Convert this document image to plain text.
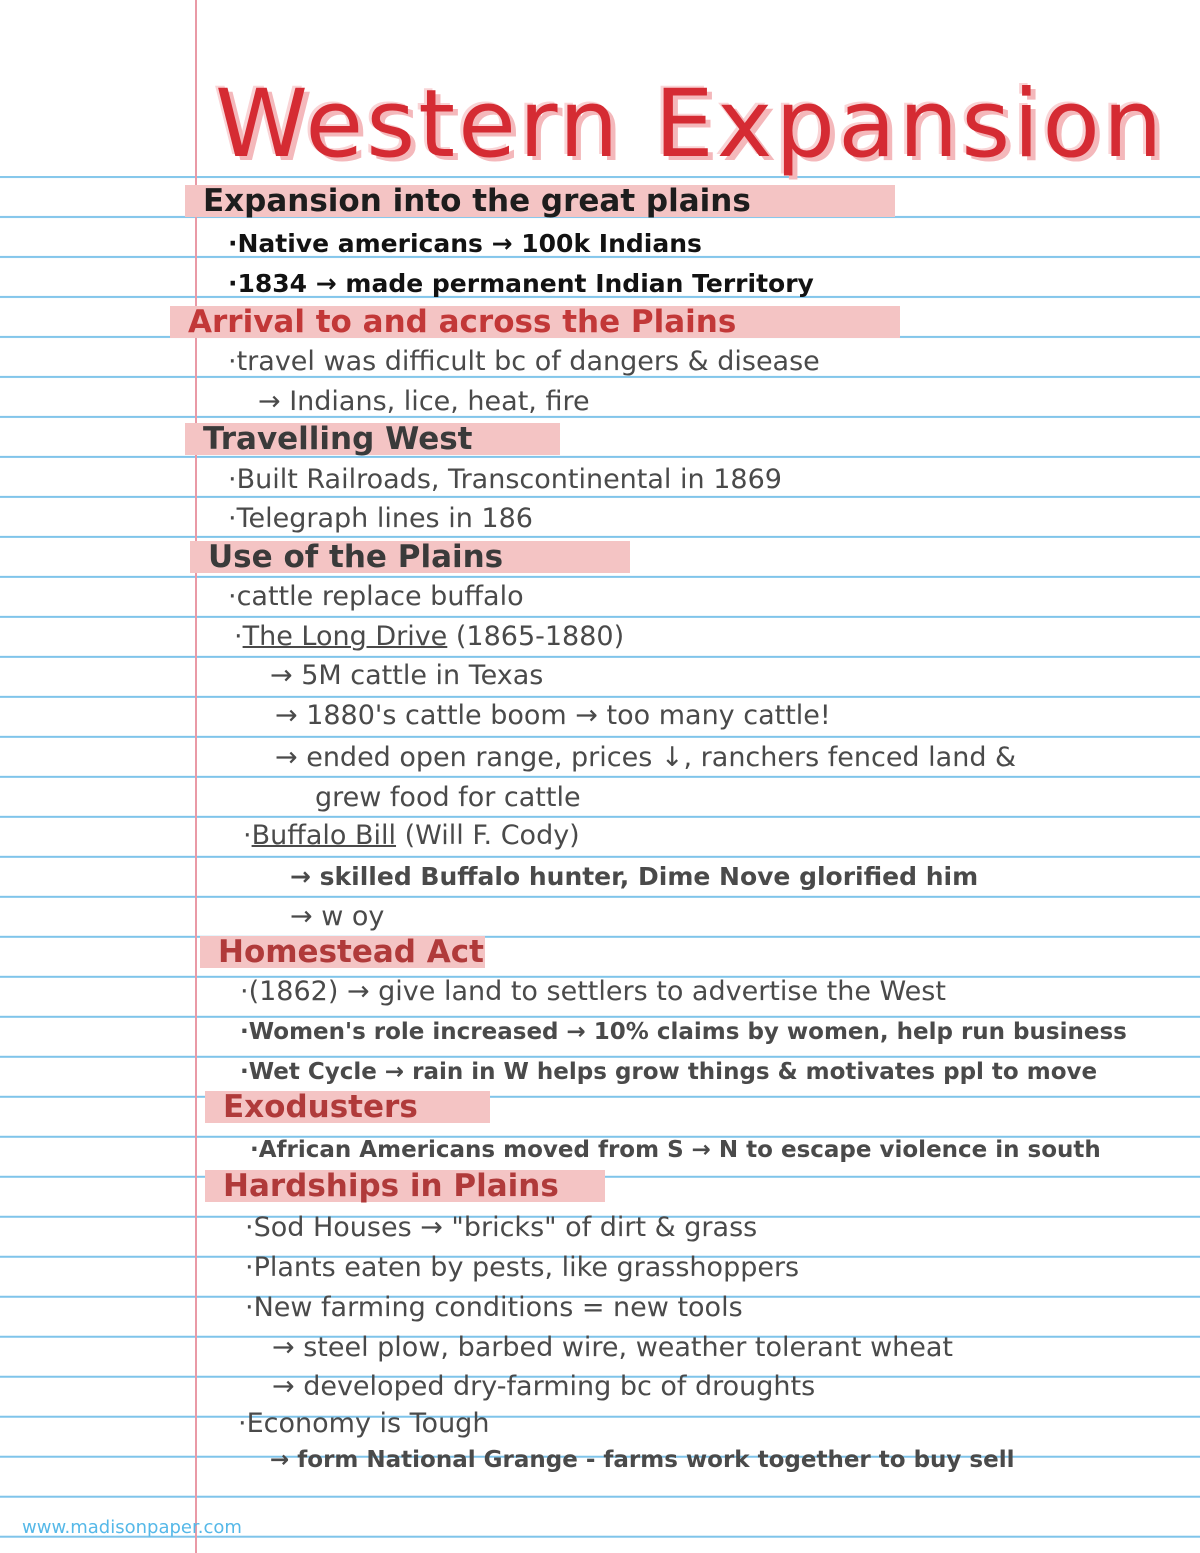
Western Expansion
Expansion into the great plains
·Native americans → 100k Indians
·1834 → made permanent Indian Territory
Arrival to and across the Plains
·travel was difficult bc of dangers & disease
→ Indians, lice, heat, fire
Travelling West
·Built Railroads, Transcontinental in 1869
·Telegraph lines in 186
Use of the Plains
·cattle replace buffalo
·The Long Drive (1865-1880)
→ 5M cattle in Texas
→ 1880's cattle boom → too many cattle!
→ ended open range, prices ↓, ranchers fenced land &
grew food for cattle
·Buffalo Bill (Will F. Cody)
→ skilled Buffalo hunter, Dime Nove glorified him
→ w oy
Homestead Act
·(1862) → give land to settlers to advertise the West
·Women's role increased → 10% claims by women, help run business
·Wet Cycle → rain in W helps grow things & motivates ppl to move
Exodusters
·African Americans moved from S → N to escape violence in south
Hardships in Plains
·Sod Houses → "bricks" of dirt & grass
·Plants eaten by pests, like grasshoppers
·New farming conditions = new tools
→ steel plow, barbed wire, weather tolerant wheat
→ developed dry-farming bc of droughts
·Economy is Tough
→ form National Grange - farms work together to buy sell
www.madisonpaper.com
